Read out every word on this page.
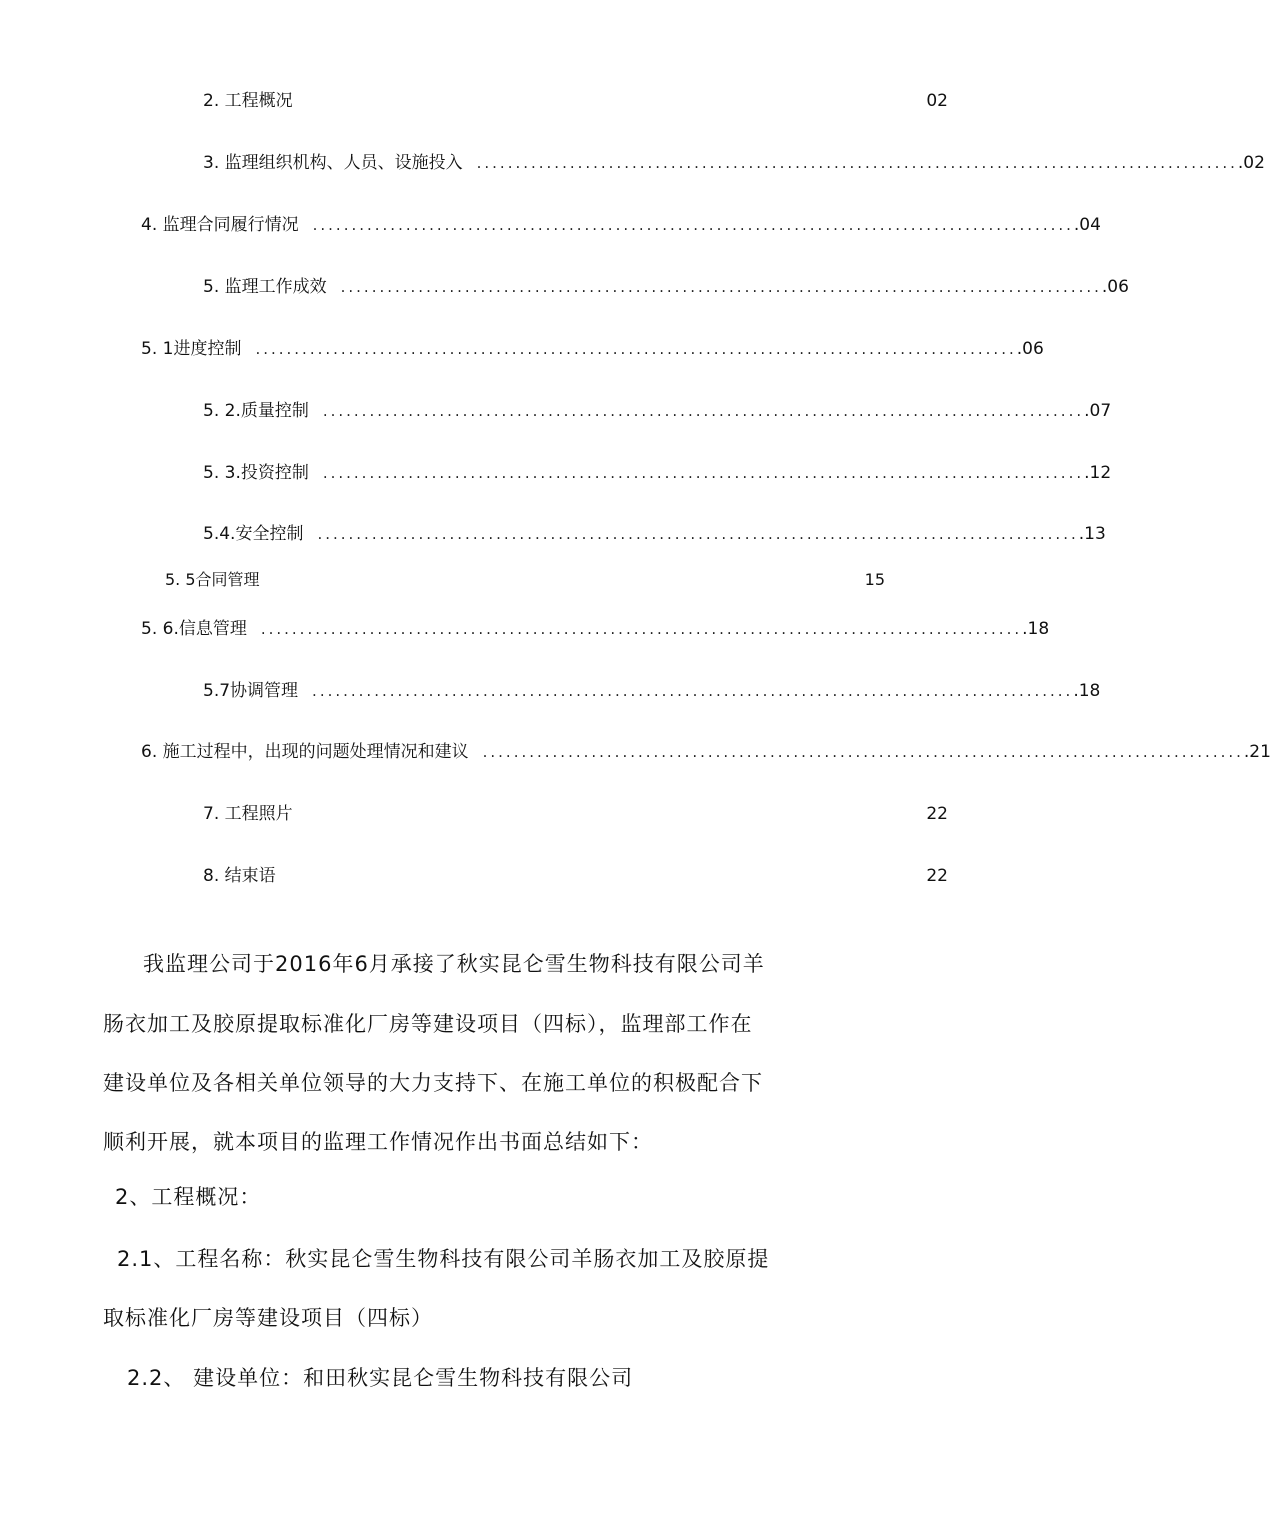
2. 工程概况	02
3. 监理组织机构、人员、设施投入 .................................................................................................. .02
4. 监理合同履行情况 .................................................................................................. .04
5. 监理工作成效 .................................................................................................. .06
5. 1进度控制 .................................................................................................. .06
5. 2.质量控制 .................................................................................................. .07
5. 3.投资控制 .................................................................................................. .12
5.4.安全控制 .................................................................................................. .13
5. 5合同管理	15
5. 6.信息管理 .................................................................................................. .18
5.7协调管理 .................................................................................................. .18
6. 施工过程中，出现的问题处理情况和建议 .................................................................................................. .21
7. 工程照片	22
8. 结束语	22
我监理公司于2016年6月承接了秋实昆仑雪生物科技有限公司羊
肠衣加工及胶原提取标准化厂房等建设项目（四标），监理部工作在
建设单位及各相关单位领导的大力支持下、在施工单位的积极配合下
顺利开展，就本项目的监理工作情况作出书面总结如下：
2、工程概况：
2.1、工程名称：秋实昆仑雪生物科技有限公司羊肠衣加工及胶原提
取标准化厂房等建设项目（四标）
2.2、 建设单位：和田秋实昆仑雪生物科技有限公司
